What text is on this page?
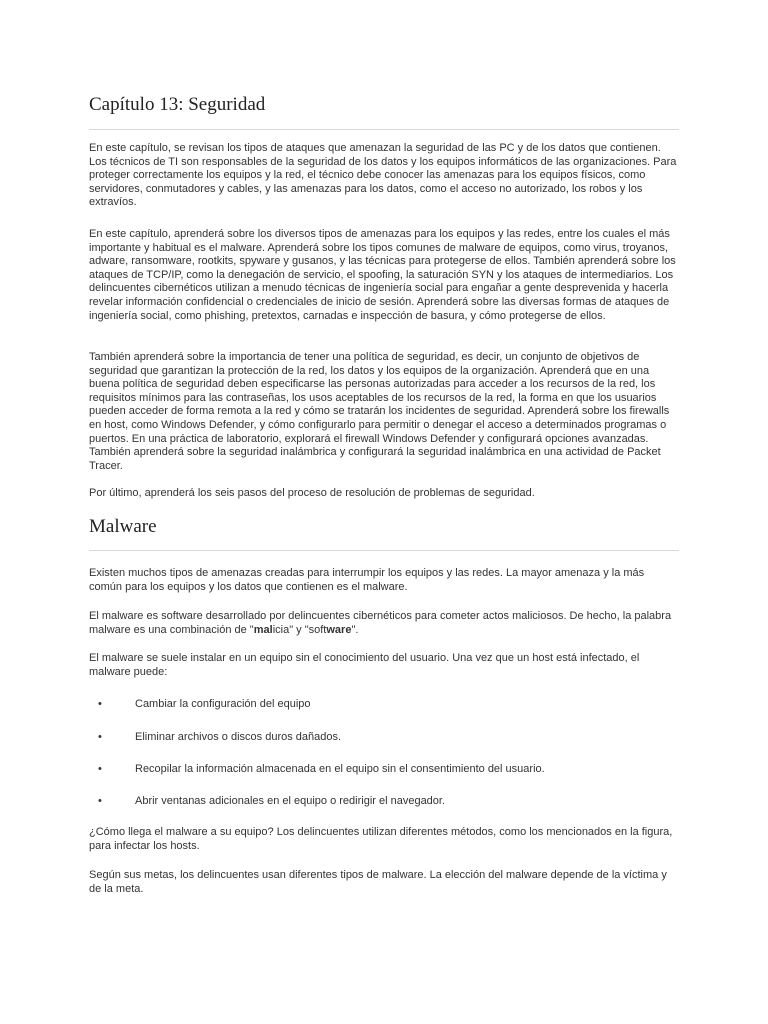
Capítulo 13: Seguridad

En este capítulo, se revisan los tipos de ataques que amenazan la seguridad de las PC y de los datos que contienen. Los técnicos de TI son responsables de la seguridad de los datos y los equipos informáticos de las organizaciones. Para proteger correctamente los equipos y la red, el técnico debe conocer las amenazas para los equipos físicos, como servidores, conmutadores y cables, y las amenazas para los datos, como el acceso no autorizado, los robos y los extravíos.

En este capítulo, aprenderá sobre los diversos tipos de amenazas para los equipos y las redes, entre los cuales el más importante y habitual es el malware. Aprenderá sobre los tipos comunes de malware de equipos, como virus, troyanos, adware, ransomware, rootkits, spyware y gusanos, y las técnicas para protegerse de ellos. También aprenderá sobre los ataques de TCP/IP, como la denegación de servicio, el spoofing, la saturación SYN y los ataques de intermediarios. Los delincuentes cibernéticos utilizan a menudo técnicas de ingeniería social para engañar a gente desprevenida y hacerla revelar información confidencial o credenciales de inicio de sesión. Aprenderá sobre las diversas formas de ataques de ingeniería social, como phishing, pretextos, carnadas e inspección de basura, y cómo protegerse de ellos.

También aprenderá sobre la importancia de tener una política de seguridad, es decir, un conjunto de objetivos de seguridad que garantizan la protección de la red, los datos y los equipos de la organización. Aprenderá que en una buena política de seguridad deben especificarse las personas autorizadas para acceder a los recursos de la red, los requisitos mínimos para las contraseñas, los usos aceptables de los recursos de la red, la forma en que los usuarios pueden acceder de forma remota a la red y cómo se tratarán los incidentes de seguridad. Aprenderá sobre los firewalls en host, como Windows Defender, y cómo configurarlo para permitir o denegar el acceso a determinados programas o puertos. En una práctica de laboratorio, explorará el firewall Windows Defender y configurará opciones avanzadas. También aprenderá sobre la seguridad inalámbrica y configurará la seguridad inalámbrica en una actividad de Packet Tracer.

Por último, aprenderá los seis pasos del proceso de resolución de problemas de seguridad.

Malware

Existen muchos tipos de amenazas creadas para interrumpir los equipos y las redes. La mayor amenaza y la más común para los equipos y los datos que contienen es el malware.

El malware es software desarrollado por delincuentes cibernéticos para cometer actos maliciosos. De hecho, la palabra malware es una combinación de "malicia" y "software".

El malware se suele instalar en un equipo sin el conocimiento del usuario. Una vez que un host está infectado, el malware puede:

•	Cambiar la configuración del equipo
•	Eliminar archivos o discos duros dañados.
•	Recopilar la información almacenada en el equipo sin el consentimiento del usuario.
•	Abrir ventanas adicionales en el equipo o redirigir el navegador.

¿Cómo llega el malware a su equipo? Los delincuentes utilizan diferentes métodos, como los mencionados en la figura, para infectar los hosts.

Según sus metas, los delincuentes usan diferentes tipos de malware. La elección del malware depende de la víctima y de la meta.
